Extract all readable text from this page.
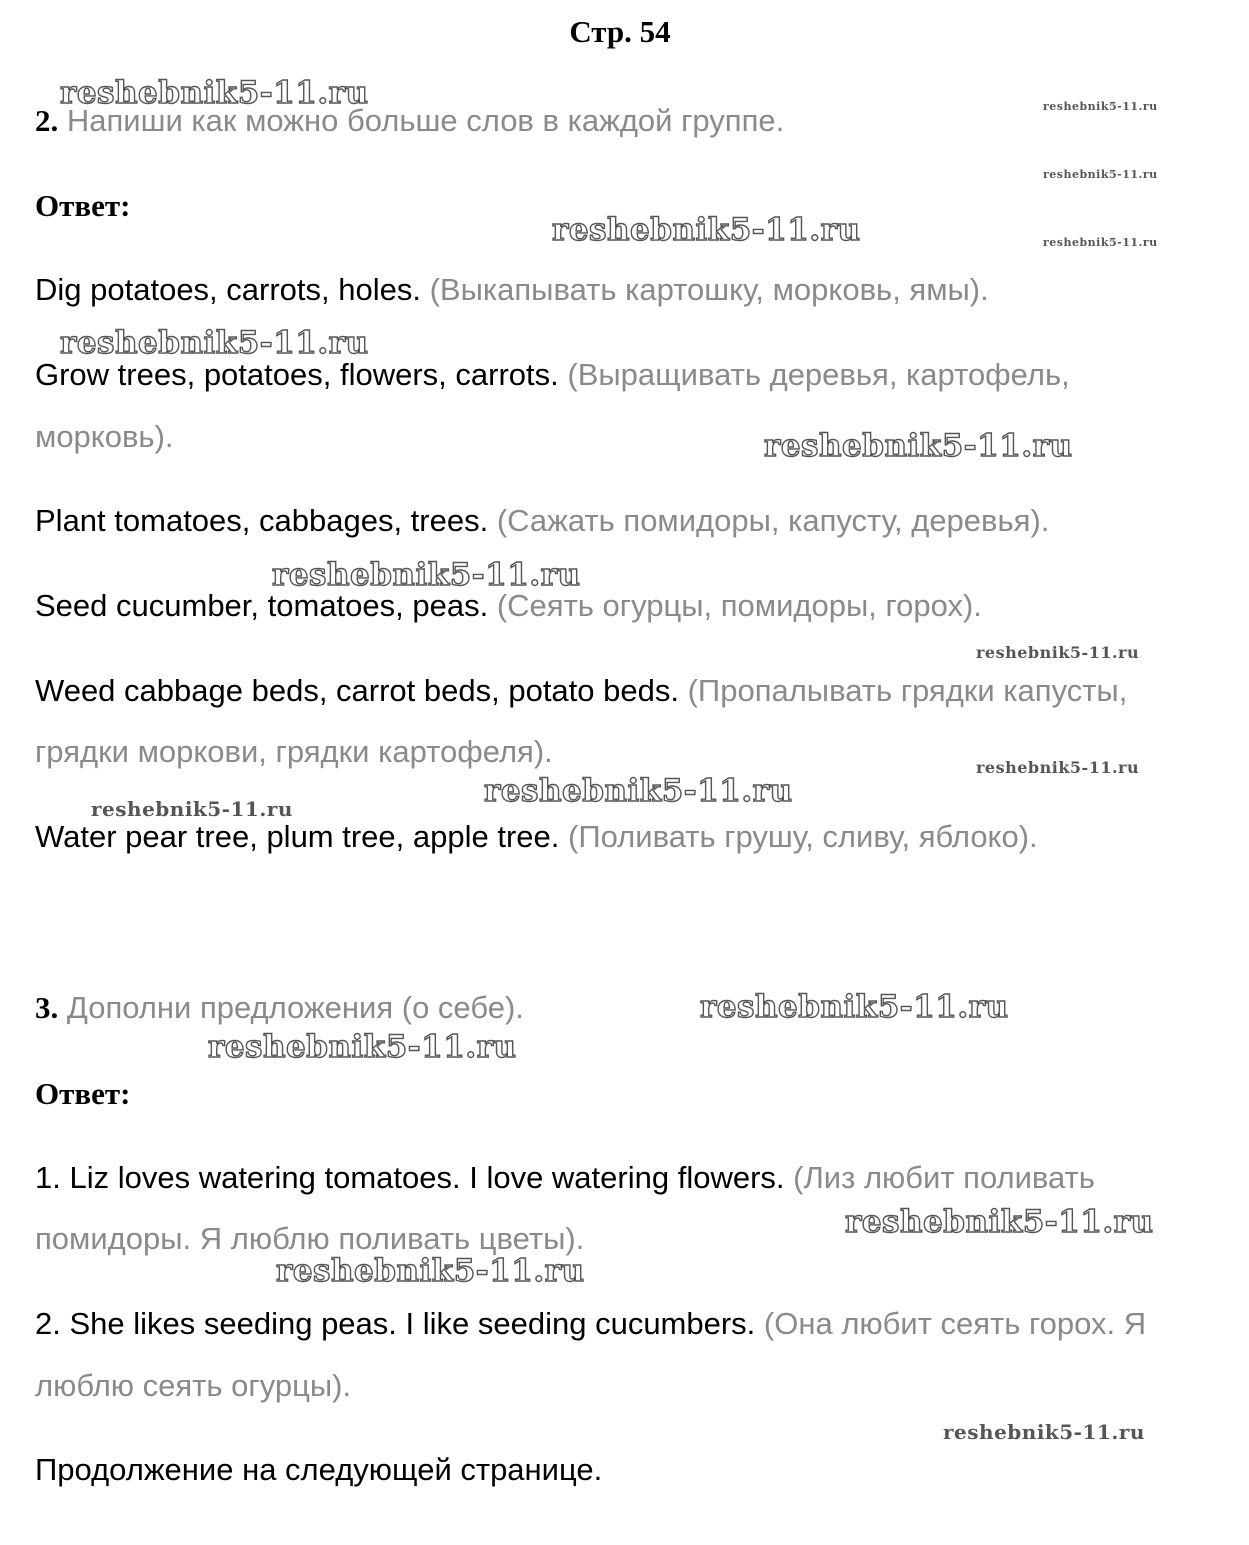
Стр. 54
reshebnik5-11.ru	reshebnik5-11.ru
reshebnik5-11.ru
reshebnik5-11.ru	reshebnik5-11.ru
reshebnik5-11.ru
reshebnik5-11.ru
reshebnik5-11.ru
reshebnik5-11.ru
reshebnik5-11.ru
reshebnik5-11.ru
reshebnik5-11.ru
reshebnik5-11.ru
reshebnik5-11.ru
reshebnik5-11.ru
reshebnik5-11.ru
reshebnik5-11.ru
2. Напиши как можно больше слов в каждой группе.
Ответ:
Dig potatoes, carrots, holes. (Выкапывать картошку, морковь, ямы).
Grow trees, potatoes, flowers, carrots. (Выращивать деревья, картофель,
морковь).
Plant tomatoes, cabbages, trees. (Сажать помидоры, капусту, деревья).
Seed cucumber, tomatoes, peas. (Сеять огурцы, помидоры, горох).
Weed cabbage beds, carrot beds, potato beds. (Пропалывать грядки капусты,
грядки моркови, грядки картофеля).
Water pear tree, plum tree, apple tree. (Поливать грушу, сливу, яблоко).
3. Дополни предложения (о себе).
Ответ:
1. Liz loves watering tomatoes. I love watering flowers. (Лиз любит поливать
помидоры. Я люблю поливать цветы).
2. She likes seeding peas. I like seeding cucumbers. (Она любит сеять горох. Я
люблю сеять огурцы).
Продолжение на следующей странице.
